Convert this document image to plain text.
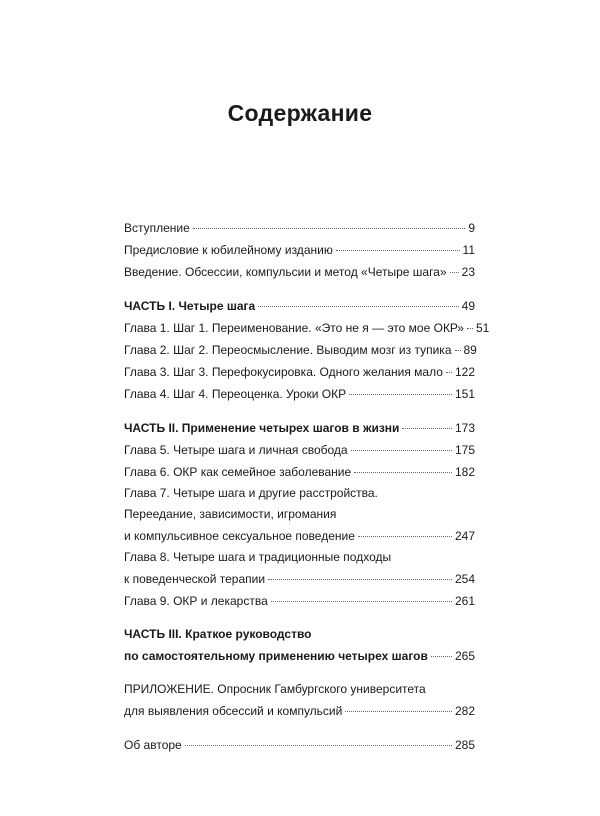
Содержание
Вступление	9
Предисловие к юбилейному изданию	11
Введение. Обсессии, компульсии и метод «Четыре шага» 23
ЧАСТЬ I. Четыре шага	49
Глава 1. Шаг 1. Переименование. «Это не я — это мое ОКР» 51
Глава 2. Шаг 2. Переосмысление. Выводим мозг из тупика 89
Глава 3. Шаг 3. Перефокусировка. Одного желания мало 122
Глава 4. Шаг 4. Переоценка. Уроки ОКР	151
ЧАСТЬ II. Применение четырех шагов в жизни	173
Глава 5. Четыре шага и личная свобода	175
Глава 6. ОКР как семейное заболевание	182
Глава 7. Четыре шага и другие расстройства.
Переедание, зависимости, игромания
и компульсивное сексуальное поведение	247
Глава 8. Четыре шага и традиционные подходы
к поведенческой терапии	254
Глава 9. ОКР и лекарства	261
ЧАСТЬ III. Краткое руководство
по самостоятельному применению четырех шагов 265
ПРИЛОЖЕНИЕ. Опросник Гамбургского университета
для выявления обсессий и компульсий	282
Об авторе	285
